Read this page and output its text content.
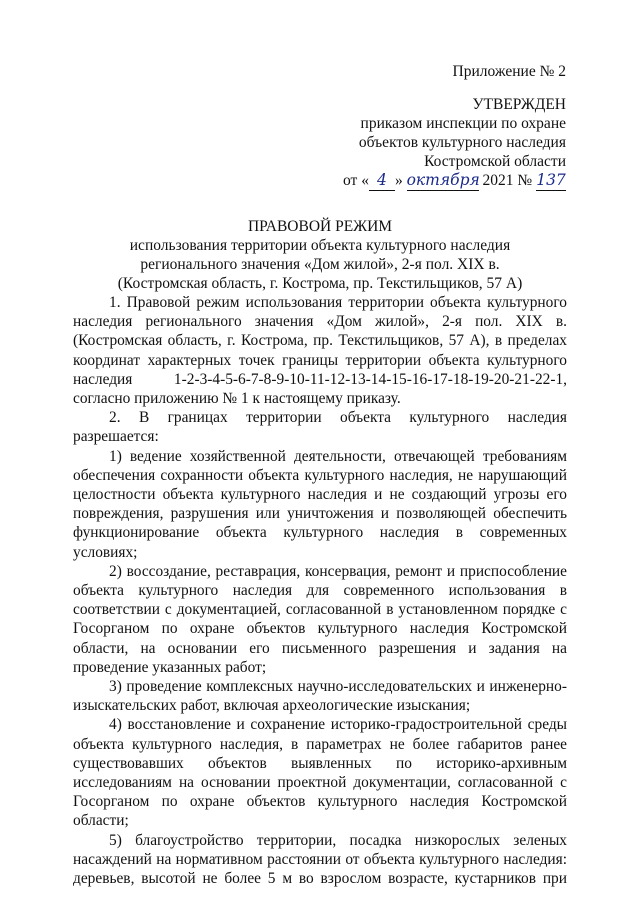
Приложение № 2
УТВЕРЖДЕН
приказом инспекции по охране
объектов культурного наследия
Костромской области
от « 4 » октября 2021 № 137
ПРАВОВОЙ РЕЖИМ
использования территории объекта культурного наследия
регионального значения «Дом жилой», 2-я пол. XIX в.
(Костромская область, г. Кострома, пр. Текстильщиков, 57 А)

1. Правовой режим использования территории объекта культурного наследия регионального значения «Дом жилой», 2-я пол. XIX в. (Костромская область, г. Кострома, пр. Текстильщиков, 57 А), в пределах координат характерных точек границы территории объекта культурного наследия 1-2-3-4-5-6-7-8-9-10-11-12-13-14-15-16-17-18-19-20-21-22-1, согласно приложению № 1 к настоящему приказу.

2. В границах территории объекта культурного наследия разрешается:

1) ведение хозяйственной деятельности, отвечающей требованиям обеспечения сохранности объекта культурного наследия, не нарушающий целостности объекта культурного наследия и не создающий угрозы его повреждения, разрушения или уничтожения и позволяющей обеспечить функционирование объекта культурного наследия в современных условиях;

2) воссоздание, реставрация, консервация, ремонт и приспособление объекта культурного наследия для современного использования в соответствии с документацией, согласованной в установленном порядке с Госорганом по охране объектов культурного наследия Костромской области, на основании его письменного разрешения и задания на проведение указанных работ;

3) проведение комплексных научно-исследовательских и инженерно-изыскательских работ, включая археологические изыскания;

4) восстановление и сохранение историко-градостроительной среды объекта культурного наследия, в параметрах не более габаритов ранее существовавших объектов выявленных по историко-архивным исследованиям на основании проектной документации, согласованной с Госорганом по охране объектов культурного наследия Костромской области;

5) благоустройство территории, посадка низкорослых зеленых насаждений на нормативном расстоянии от объекта культурного наследия: деревьев, высотой не более 5 м во взрослом возрасте, кустарников при
